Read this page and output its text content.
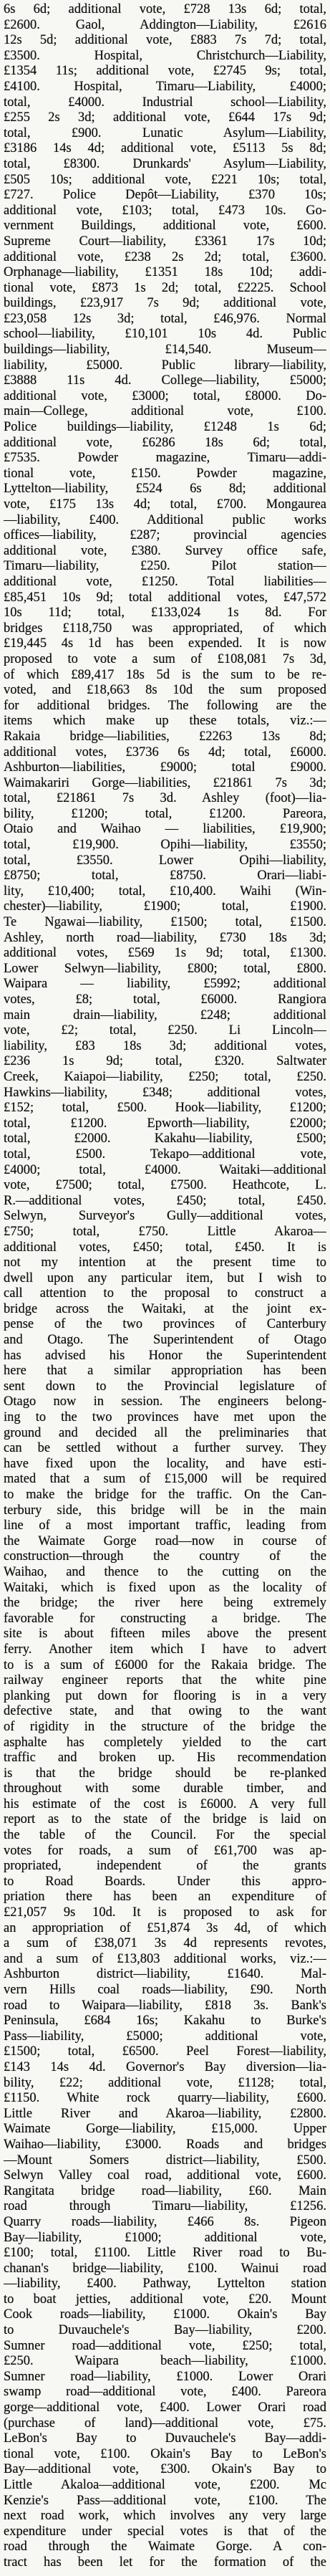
6s 6d; additional vote, £728 13s 6d; total,
£2600. Gaol, Addington—Liability, £2616
12s 5d; additional vote, £883 7s 7d; total,
£3500. Hospital, Christchurch—Liability,
£1354 11s; additional vote, £2745 9s; total,
£4100. Hospital, Timaru—Liability, £4000;
total, £4000. Industrial school—Liability,
£255 2s 3d; additional vote, £644 17s 9d;
total, £900. Lunatic Asylum—Liability,
£3186 14s 4d; additional vote, £5113 5s 8d;
total, £8300. Drunkards' Asylum—Liability,
£505 10s; additional vote, £221 10s; total,
£727. Police Depôt—Liability, £370 10s;
additional vote, £103; total, £473 10s. Go-
vernment Buildings, additional vote, £600.
Supreme Court—liability, £3361 17s 10d;
additional vote, £238 2s 2d; total, £3600.
Orphanage—liability, £1351 18s 10d; addi-
tional vote, £873 1s 2d; total, £2225. School
buildings, £23,917 7s 9d; additional vote,
£23,058 12s 3d; total, £46,976. Normal
school—liability, £10,101 10s 4d. Public
buildings—liability, £14,540. Museum—
liability, £5000. Public library—liability,
£3888 11s 4d. College—liability, £5000;
additional vote, £3000; total, £8000. Do-
main—College, additional vote, £100.
Police buildings—liability, £1248 1s 6d;
additional vote, £6286 18s 6d; total,
£7535. Powder magazine, Timaru—addi-
tional vote, £150. Powder magazine,
Lyttelton—liability, £524 6s 8d; additional
vote, £175 13s 4d; total, £700. Mongaurea
—liability, £400. Additional public works
offices—liability, £287; provincial agencies
additional vote, £380. Survey office safe,
Timaru—liability, £250. Pilot station—
additional vote, £1250. Total liabilities—
£85,451 10s 9d; total additional votes, £47,572
10s 11d; total, £133,024 1s 8d. For
bridges £118,750 was appropriated, of which
£19,445 4s 1d has been expended. It is now
proposed to vote a sum of £108,081 7s 3d,
of which £89,417 18s 5d is the sum to be re-
voted, and £18,663 8s 10d the sum proposed
for additional bridges. The following are the
items which make up these totals, viz.:—
Rakaia bridge—liabilities, £2263 13s 8d;
additional votes, £3736 6s 4d; total, £6000.
Ashburton—liabilities, £9000; total £9000.
Waimakariri Gorge—liabilities, £21861 7s 3d;
total, £21861 7s 3d. Ashley (foot)—lia-
bility, £1200; total, £1200. Pareora,
Otaio and Waihao — liabilities, £19,900;
total, £19,900. Opihi—liability, £3550;
total, £3550. Lower Opihi—liability,
£8750; total, £8750. Orari—liabi-
lity, £10,400; total, £10,400. Waihi (Win-
chester)—liability, £1900; total, £1900.
Te Ngawai—liability, £1500; total, £1500.
Ashley, north road—liability, £730 18s 3d;
additional votes, £569 1s 9d; total, £1300.
Lower Selwyn—liability, £800; total, £800.
Waipara — liability, £5992; additional
votes, £8; total, £6000. Rangiora
main drain—liability, £248; additional
vote, £2; total, £250. Li Lincoln—
liability, £83 18s 3d; additional votes,
£236 1s 9d; total, £320. Saltwater
Creek, Kaiapoi—liability, £250; total, £250.
Hawkins—liability, £348; additional votes,
£152; total, £500. Hook—liability, £1200;
total, £1200. Epworth—liability, £2000;
total, £2000. Kakahu—liability, £500;
total, £500. Tekapo—additional vote,
£4000; total, £4000. Waitaki—additional
vote, £7500; total, £7500. Heathcote, L.
R.—additional votes, £450; total, £450.
Selwyn, Surveyor's Gully—additional votes,
£750; total, £750. Little Akaroa—
additional votes, £450; total, £450. It is
not my intention at the present time to
dwell upon any particular item, but I wish to
call attention to the proposal to construct a
bridge across the Waitaki, at the joint ex-
pense of the two provinces of Canterbury
and Otago. The Superintendent of Otago
has advised his Honor the Superintendent
here that a similar appropriation has been
sent down to the Provincial legislature of
Otago now in session. The engineers belong-
ing to the two provinces have met upon the
ground and decided all the preliminaries that
can be settled without a further survey. They
have fixed upon the locality, and have esti-
mated that a sum of £15,000 will be required
to make the bridge for the traffic. On the Can-
terbury side, this bridge will be in the main
line of a most important traffic, leading from
the Waimate Gorge road—now in course of
construction—through the country of the
Waihao, and thence to the cutting on the
Waitaki, which is fixed upon as the locality of
the bridge; the river here being extremely
favorable for constructing a bridge. The
site is about fifteen miles above the present
ferry. Another item which I have to advert
to is a sum of £6000 for the Rakaia bridge. The
railway engineer reports that the white pine
planking put down for flooring is in a very
defective state, and that owing to the want
of rigidity in the structure of the bridge the
asphalte has completely yielded to the cart
traffic and broken up. His recommendation
is that the bridge should be re-planked
throughout with some durable timber, and
his estimate of the cost is £6000. A very full
report as to the state of the bridge is laid on
the table of the Council. For the special
votes for roads, a sum of £61,700 was ap-
propriated, independent of the grants
to Road Boards. Under this appro-
priation there has been an expenditure of
£21,057 9s 10d. It is proposed to ask for
an appropriation of £51,874 3s 4d, of which
a sum of £38,071 3s 4d represents revotes,
and a sum of £13,803 additional works, viz.:—
Ashburton district—liability, £1640. Mal-
vern Hills coal roads—liability, £90. North
road to Waipara—liability, £818 3s. Bank's
Peninsula, £684 16s; Kakahu to Burke's
Pass—liability, £5000; additional vote,
£1500; total, £6500. Peel Forest—liability,
£143 14s 4d. Governor's Bay diversion—lia-
bility, £22; additional vote, £1128; total,
£1150. White rock quarry—liability, £600.
Little River and Akaroa—liability, £2800.
Waimate Gorge—liability, £15,000. Upper
Waihao—liability, £3000. Roads and bridges
—Mount Somers district—liability, £500.
Selwyn Valley coal road, additional vote, £600.
Rangitata bridge road—liability, £60. Main
road through Timaru—liability, £1256.
Quarry roads—liability, £466 8s. Pigeon
Bay—liability, £1000; additional vote,
£100; total, £1100. Little River road to Bu-
chanan's bridge—liability, £100. Wainui road
—liability, £400. Pathway, Lyttelton station
to boat jetties, additional vote, £20. Mount
Cook roads—liability, £1000. Okain's Bay
to Duvauchele's Bay—liability, £200.
Sumner road—additional vote, £250; total,
£250. Waipara beach—liability, £1000.
Sumner road—liability, £1000. Lower Orari
swamp road—additional vote, £400. Pareora
gorge—additional vote, £400. Lower Orari road
(purchase of land)—additional vote, £75.
LeBon's Bay to Duvauchele's Bay—addi-
tional vote, £100. Okain's Bay to LeBon's
Bay—additional vote, £300. Okain's Bay to
Little Akaloa—additional vote, £200. Mc
Kenzie's Pass—additional vote, £100. The
next road work, which involves any very large
expenditure under special votes is that of the
road through the Waimate Gorge. A con-
tract has been let for the formation of the
